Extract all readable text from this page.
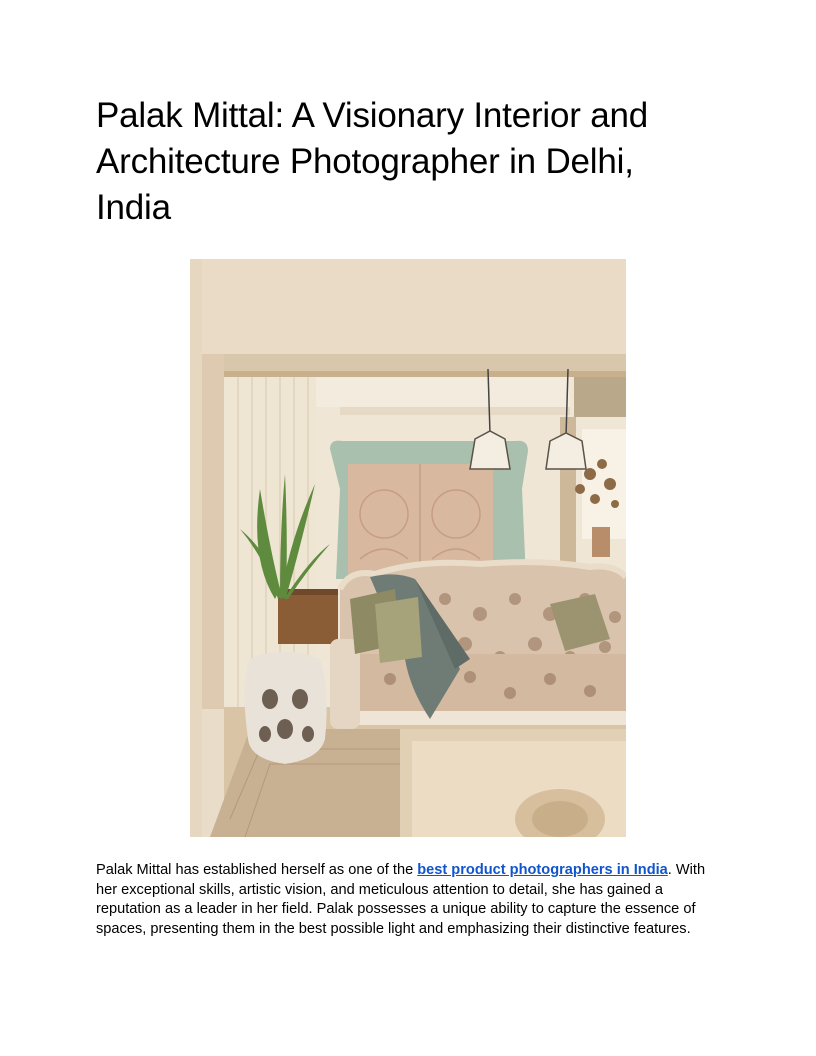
Palak Mittal: A Visionary Interior and Architecture Photographer in Delhi, India

Palak Mittal has established herself as one of the best product photographers in India. With her exceptional skills, artistic vision, and meticulous attention to detail, she has gained a reputation as a leader in her field. Palak possesses a unique ability to capture the essence of spaces, presenting them in the best possible light and emphasizing their distinctive features.
